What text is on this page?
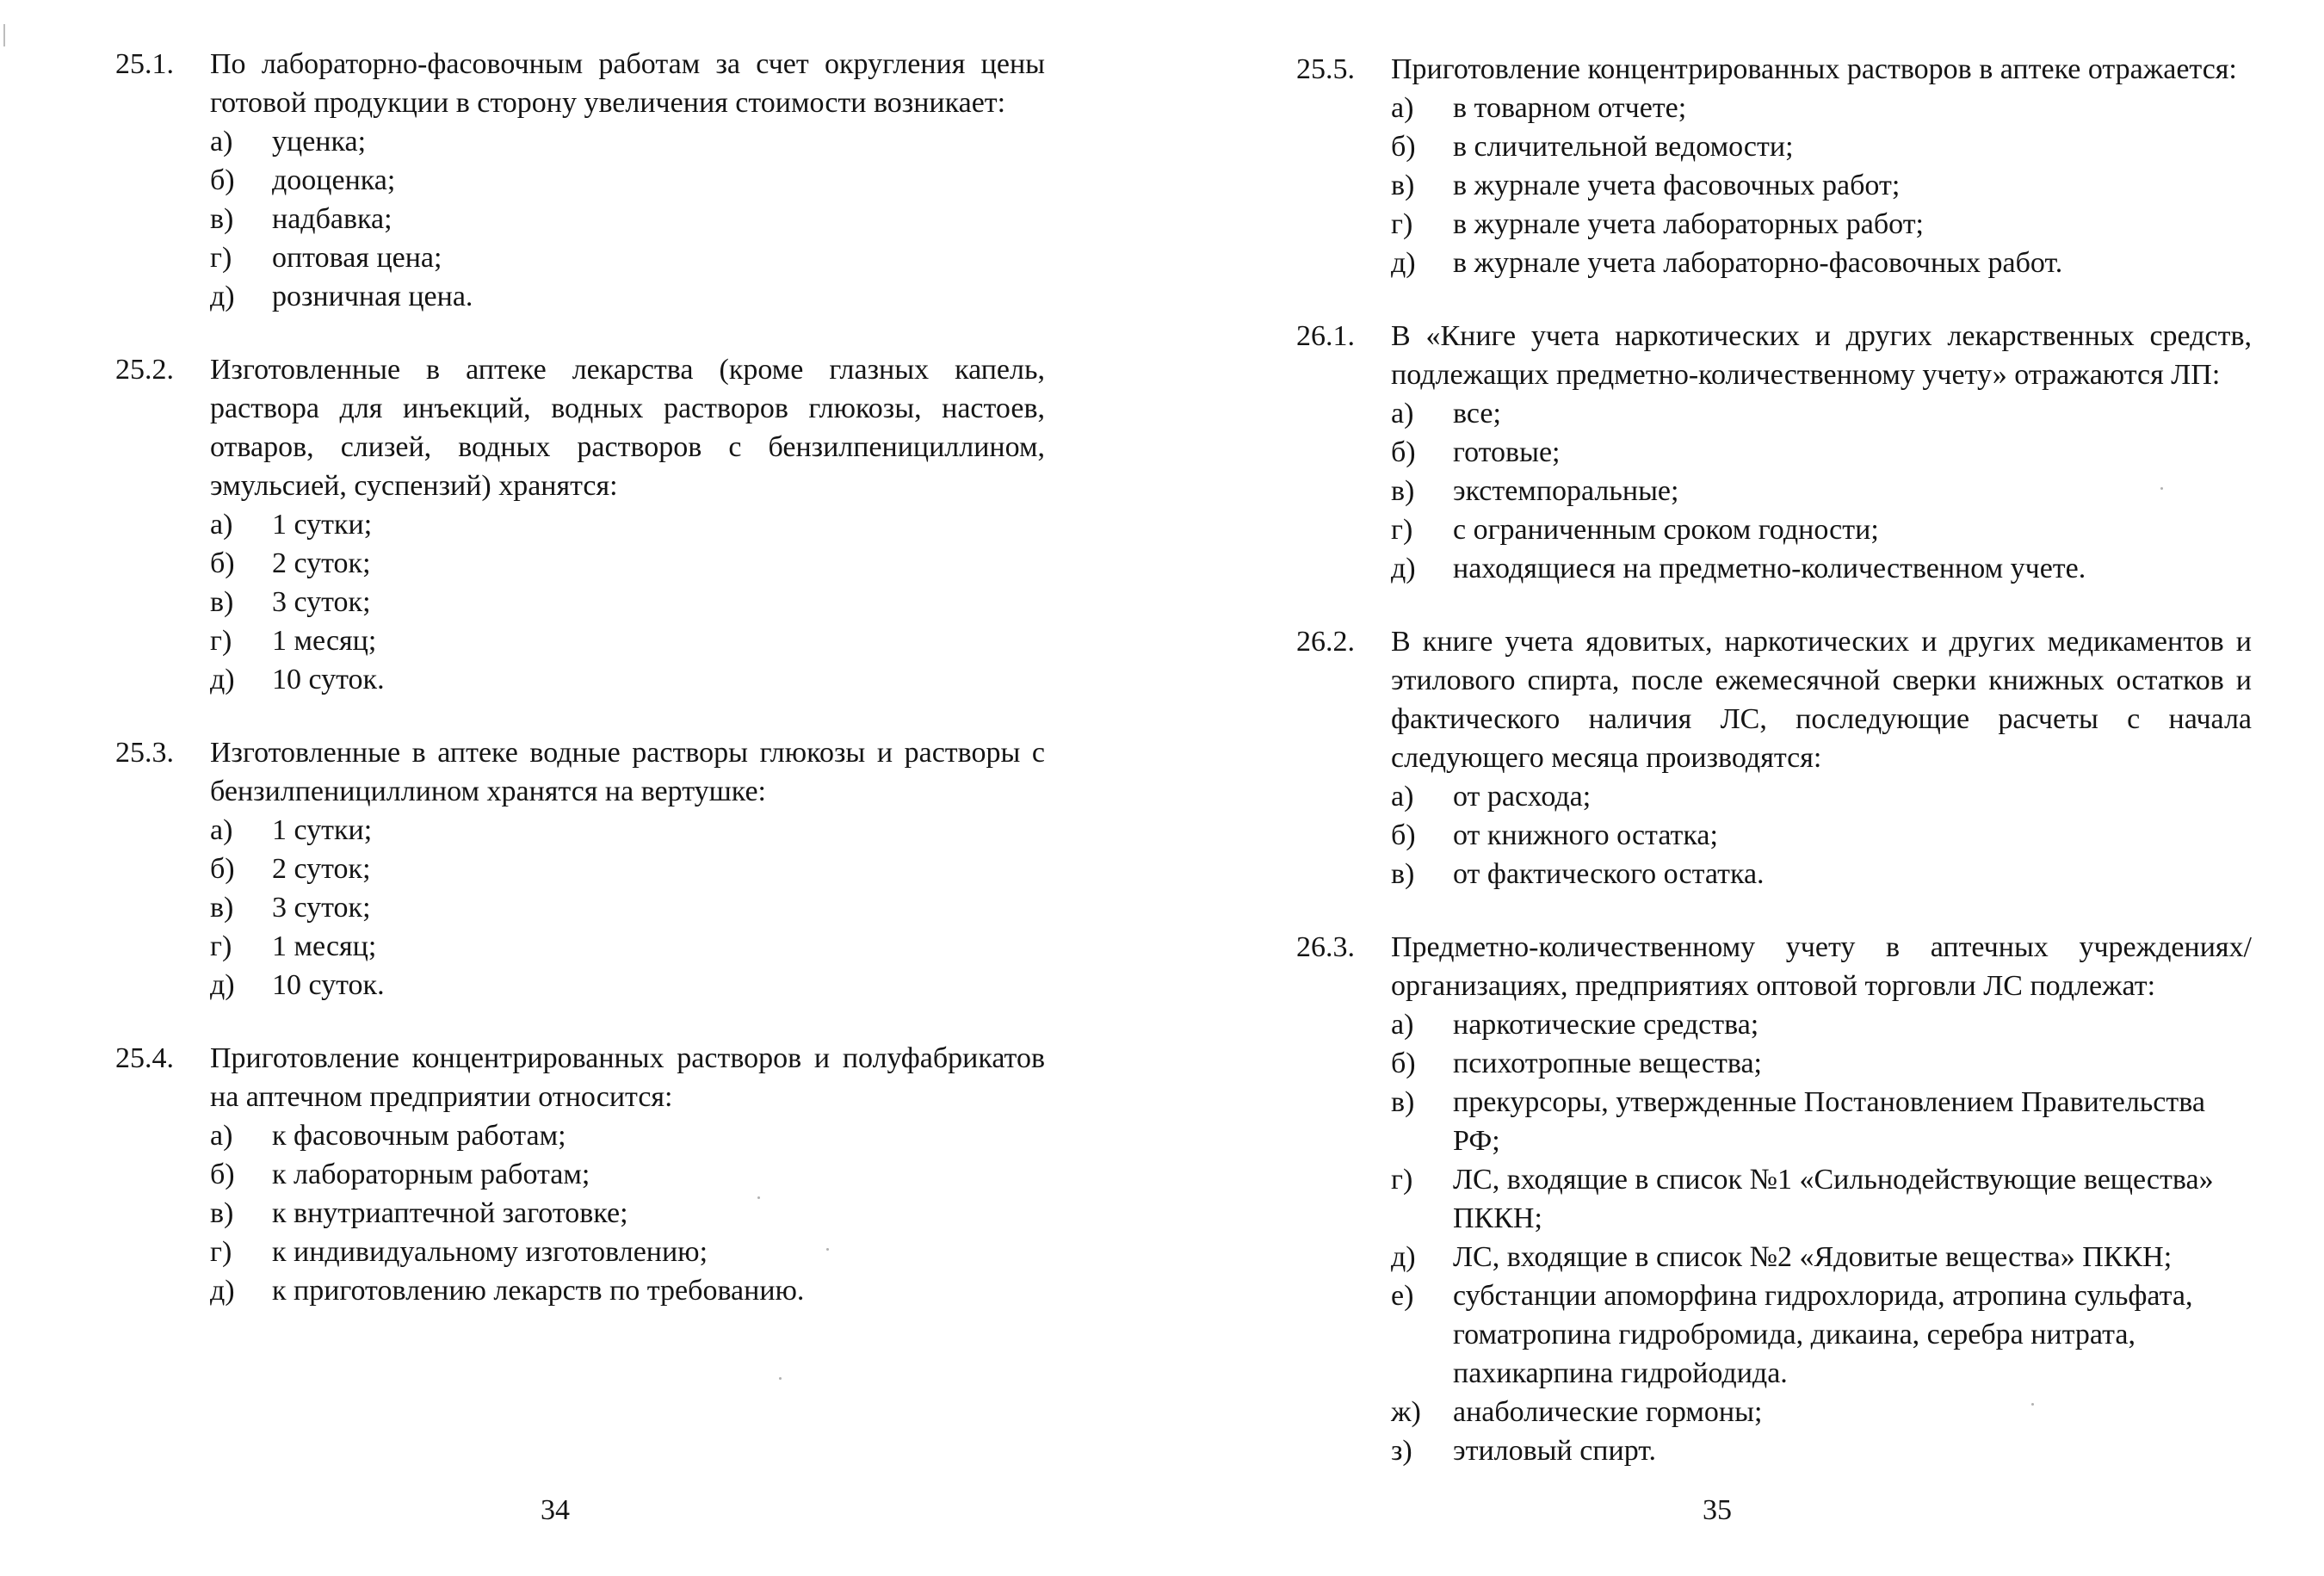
25.1.	По лабораторно-фасовочным работам за счет округления цены готовой продукции в сторону увеличения стоимости возникает:
а)	уценка;
б)	дооценка;
в)	надбавка;
г)	оптовая цена;
д)	розничная цена.
25.2.	Изготовленные в аптеке лекарства (кроме глазных капель, раствора для инъекций, водных растворов глюкозы, настоев, отваров, слизей, водных растворов с бензилпенициллином, эмульсией, суспензий) хранятся:
а)	1 сутки;
б)	2 суток;
в)	3 суток;
г)	1 месяц;
д)	10 суток.
25.3.	Изготовленные в аптеке водные растворы глюкозы и растворы с бензилпенициллином хранятся на вертушке:
а)	1 сутки;
б)	2 суток;
в)	3 суток;
г)	1 месяц;
д)	10 суток.
25.4.	Приготовление концентрированных растворов и полуфабрикатов на аптечном предприятии относится:
а)	к фасовочным работам;
б)	к лабораторным работам;
в)	к внутриаптечной заготовке;
г)	к индивидуальному изготовлению;
д)	к приготовлению лекарств по требованию.
34
25.5.	Приготовление концентрированных растворов в аптеке отражается:
а)	в товарном отчете;
б)	в сличительной ведомости;
в)	в журнале учета фасовочных работ;
г)	в журнале учета лабораторных работ;
д)	в журнале учета лабораторно-фасовочных работ.
26.1.	В «Книге учета наркотических и других лекарственных средств, подлежащих предметно-количественному учету» отражаются ЛП:
а)	все;
б)	готовые;
в)	экстемпоральные;
г)	с ограниченным сроком годности;
д)	находящиеся на предметно-количественном учете.
26.2.	В книге учета ядовитых, наркотических и других медикаментов и этилового спирта, после ежемесячной сверки книжных остатков и фактического наличия ЛС, последующие расчеты с начала следующего месяца производятся:
а)	от расхода;
б)	от книжного остатка;
в)	от фактического остатка.
26.3.	Предметно-количественному учету в аптечных учреждениях/организациях, предприятиях оптовой торговли ЛС подлежат:
а)	наркотические средства;
б)	психотропные вещества;
в)	прекурсоры, утвержденные Постановлением Правительства РФ;
г)	ЛС, входящие в список №1 «Сильнодействующие вещества» ПККН;
д)	ЛС, входящие в список №2 «Ядовитые вещества» ПККН;
е)	субстанции апоморфина гидрохлорида, атропина сульфата, гоматропина гидробромида, дикаина, серебра нитрата, пахикарпина гидройодида.
ж)	анаболические гормоны;
з)	этиловый спирт.
35
